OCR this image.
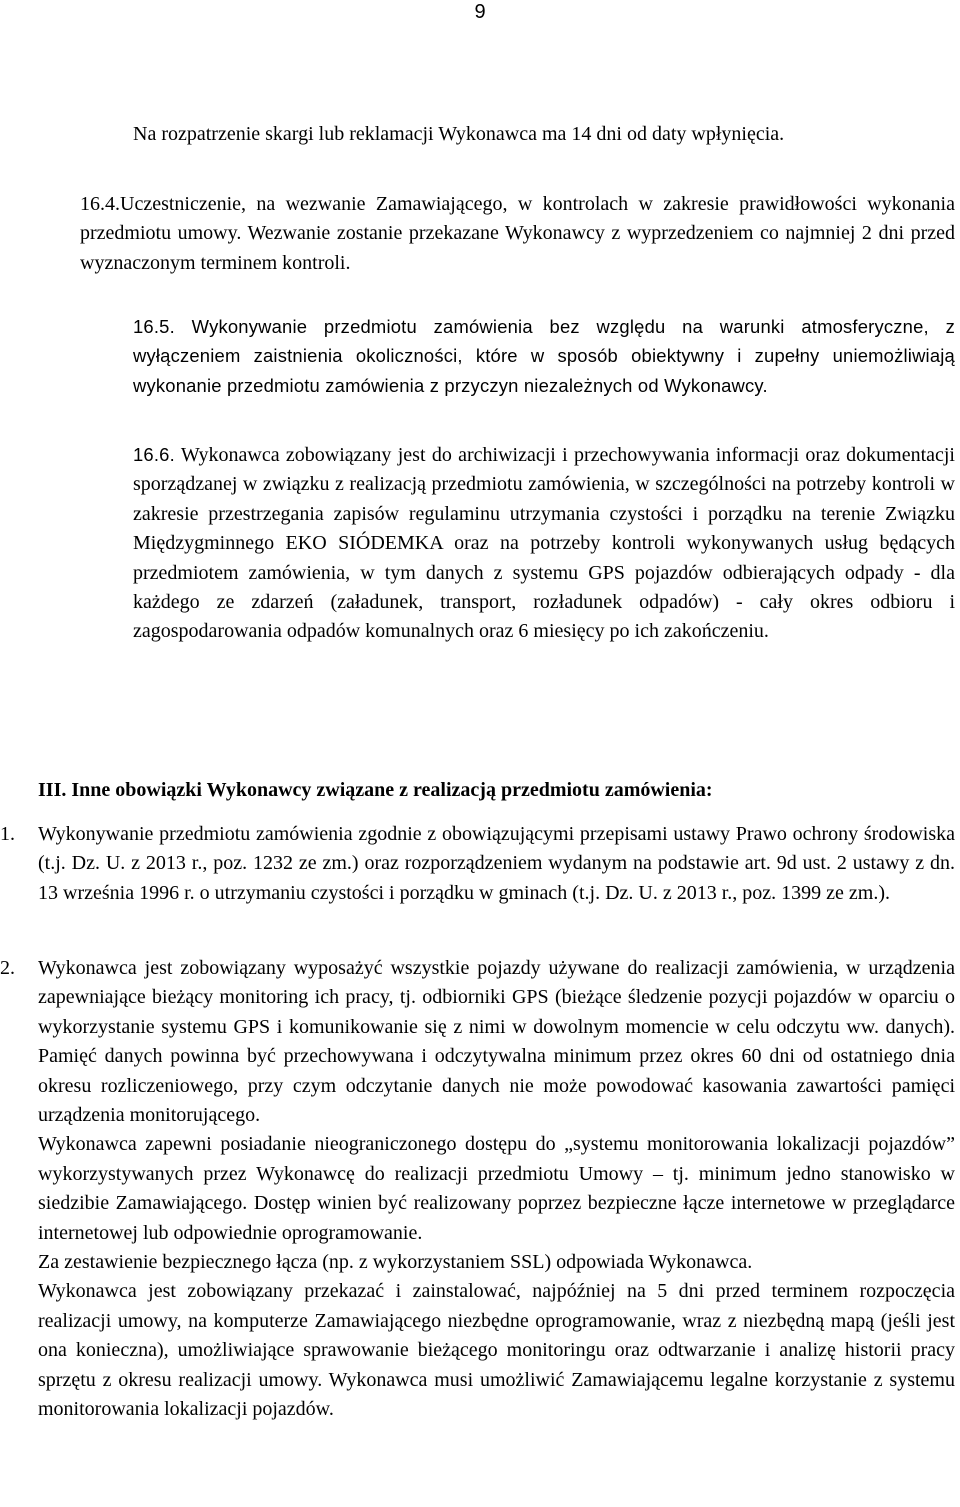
9
Na rozpatrzenie skargi lub reklamacji Wykonawca ma 14 dni od daty wpłynięcia.
16.4.Uczestniczenie, na wezwanie Zamawiającego, w kontrolach w zakresie prawidłowości wykonania przedmiotu umowy. Wezwanie zostanie przekazane Wykonawcy z wyprzedzeniem co najmniej 2 dni przed wyznaczonym terminem kontroli.
16.5. Wykonywanie przedmiotu zamówienia bez względu na warunki atmosferyczne, z wyłączeniem zaistnienia okoliczności, które w sposób obiektywny i zupełny uniemożliwiają wykonanie przedmiotu zamówienia z przyczyn niezależnych od Wykonawcy.
16.6. Wykonawca zobowiązany jest do archiwizacji i przechowywania informacji oraz dokumentacji sporządzanej w związku z realizacją przedmiotu zamówienia, w szczególności na potrzeby kontroli w zakresie przestrzegania zapisów regulaminu utrzymania czystości i porządku na terenie Związku Międzygminnego EKO SIÓDEMKA oraz na potrzeby kontroli wykonywanych usług będących przedmiotem zamówienia, w tym danych z systemu GPS pojazdów odbierających odpady - dla każdego ze zdarzeń (załadunek, transport, rozładunek odpadów) - cały okres odbioru i zagospodarowania odpadów komunalnych oraz 6 miesięcy po ich zakończeniu.
III. Inne obowiązki Wykonawcy związane z realizacją przedmiotu zamówienia:
1. Wykonywanie przedmiotu zamówienia zgodnie z obowiązującymi przepisami ustawy Prawo ochrony środowiska (t.j. Dz. U. z 2013 r., poz. 1232 ze zm.) oraz rozporządzeniem wydanym na podstawie art. 9d ust. 2 ustawy z dn. 13 września 1996 r. o utrzymaniu czystości i porządku w gminach (t.j. Dz. U. z 2013 r., poz. 1399 ze zm.).
2. Wykonawca jest zobowiązany wyposażyć wszystkie pojazdy używane do realizacji zamówienia, w urządzenia zapewniające bieżący monitoring ich pracy, tj. odbiorniki GPS (bieżące śledzenie pozycji pojazdów w oparciu o wykorzystanie systemu GPS i komunikowanie się z nimi w dowolnym momencie w celu odczytu ww. danych). Pamięć danych powinna być przechowywana i odczytywalna minimum przez okres 60 dni od ostatniego dnia okresu rozliczeniowego, przy czym odczytanie danych nie może powodować kasowania zawartości pamięci urządzenia monitorującego.
Wykonawca zapewni posiadanie nieograniczonego dostępu do „systemu monitorowania lokalizacji pojazdów” wykorzystywanych przez Wykonawcę do realizacji przedmiotu Umowy – tj. minimum jedno stanowisko w siedzibie Zamawiającego. Dostęp winien być realizowany poprzez bezpieczne łącze internetowe w przeglądarce internetowej lub odpowiednie oprogramowanie.
Za zestawienie bezpiecznego łącza (np. z wykorzystaniem SSL) odpowiada Wykonawca.
Wykonawca jest zobowiązany przekazać i zainstalować, najpóźniej na 5 dni przed terminem rozpoczęcia realizacji umowy, na komputerze Zamawiającego niezbędne oprogramowanie, wraz z niezbędną mapą (jeśli jest ona konieczna), umożliwiające sprawowanie bieżącego monitoringu oraz odtwarzanie i analizę historii pracy sprzętu z okresu realizacji umowy. Wykonawca musi umożliwić Zamawiającemu legalne korzystanie z systemu monitorowania lokalizacji pojazdów.
